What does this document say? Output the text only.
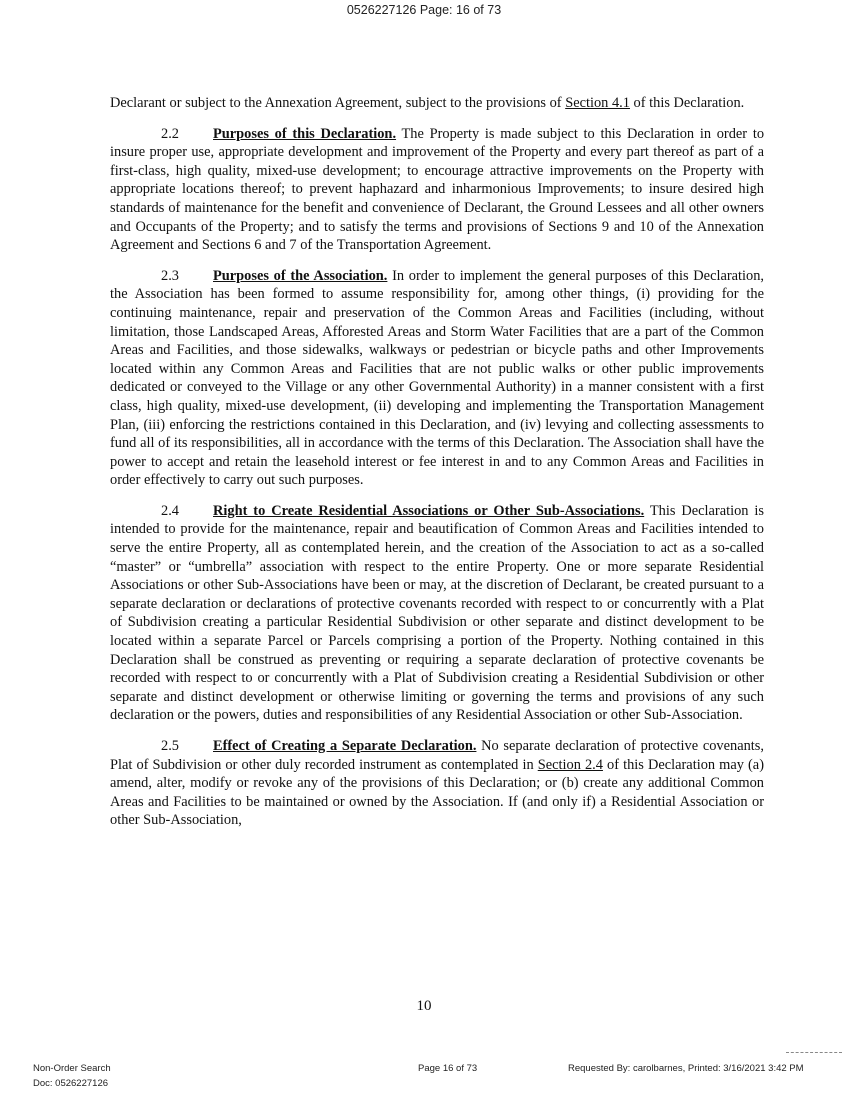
0526227126 Page: 16 of 73

Declarant or subject to the Annexation Agreement, subject to the provisions of Section 4.1 of this Declaration.

2.2 Purposes of this Declaration. The Property is made subject to this Declaration in order to insure proper use, appropriate development and improvement of the Property and every part thereof as part of a first-class, high quality, mixed-use development; to encourage attractive improvements on the Property with appropriate locations thereof; to prevent haphazard and inharmonious Improvements; to insure desired high standards of maintenance for the benefit and convenience of Declarant, the Ground Lessees and all other owners and Occupants of the Property; and to satisfy the terms and provisions of Sections 9 and 10 of the Annexation Agreement and Sections 6 and 7 of the Transportation Agreement.

2.3 Purposes of the Association. In order to implement the general purposes of this Declaration, the Association has been formed to assume responsibility for, among other things, (i) providing for the continuing maintenance, repair and preservation of the Common Areas and Facilities (including, without limitation, those Landscaped Areas, Afforested Areas and Storm Water Facilities that are a part of the Common Areas and Facilities, and those sidewalks, walkways or pedestrian or bicycle paths and other Improvements located within any Common Areas and Facilities that are not public walks or other public improvements dedicated or conveyed to the Village or any other Governmental Authority) in a manner consistent with a first class, high quality, mixed-use development, (ii) developing and implementing the Transportation Management Plan, (iii) enforcing the restrictions contained in this Declaration, and (iv) levying and collecting assessments to fund all of its responsibilities, all in accordance with the terms of this Declaration. The Association shall have the power to accept and retain the leasehold interest or fee interest in and to any Common Areas and Facilities in order effectively to carry out such purposes.

2.4 Right to Create Residential Associations or Other Sub-Associations. This Declaration is intended to provide for the maintenance, repair and beautification of Common Areas and Facilities intended to serve the entire Property, all as contemplated herein, and the creation of the Association to act as a so-called “master” or “umbrella” association with respect to the entire Property. One or more separate Residential Associations or other Sub-Associations have been or may, at the discretion of Declarant, be created pursuant to a separate declaration or declarations of protective covenants recorded with respect to or concurrently with a Plat of Subdivision creating a particular Residential Subdivision or other separate and distinct development to be located within a separate Parcel or Parcels comprising a portion of the Property. Nothing contained in this Declaration shall be construed as preventing or requiring a separate declaration of protective covenants be recorded with respect to or concurrently with a Plat of Subdivision creating a Residential Subdivision or other separate and distinct development or otherwise limiting or governing the terms and provisions of any such declaration or the powers, duties and responsibilities of any Residential Association or other Sub-Association.

2.5 Effect of Creating a Separate Declaration. No separate declaration of protective covenants, Plat of Subdivision or other duly recorded instrument as contemplated in Section 2.4 of this Declaration may (a) amend, alter, modify or revoke any of the provisions of this Declaration; or (b) create any additional Common Areas and Facilities to be maintained or owned by the Association. If (and only if) a Residential Association or other Sub-Association,

10
Non-Order Search
Doc: 0526227126
Page 16 of 73	Requested By: carolbarnes, Printed: 3/16/2021 3:42 PM
